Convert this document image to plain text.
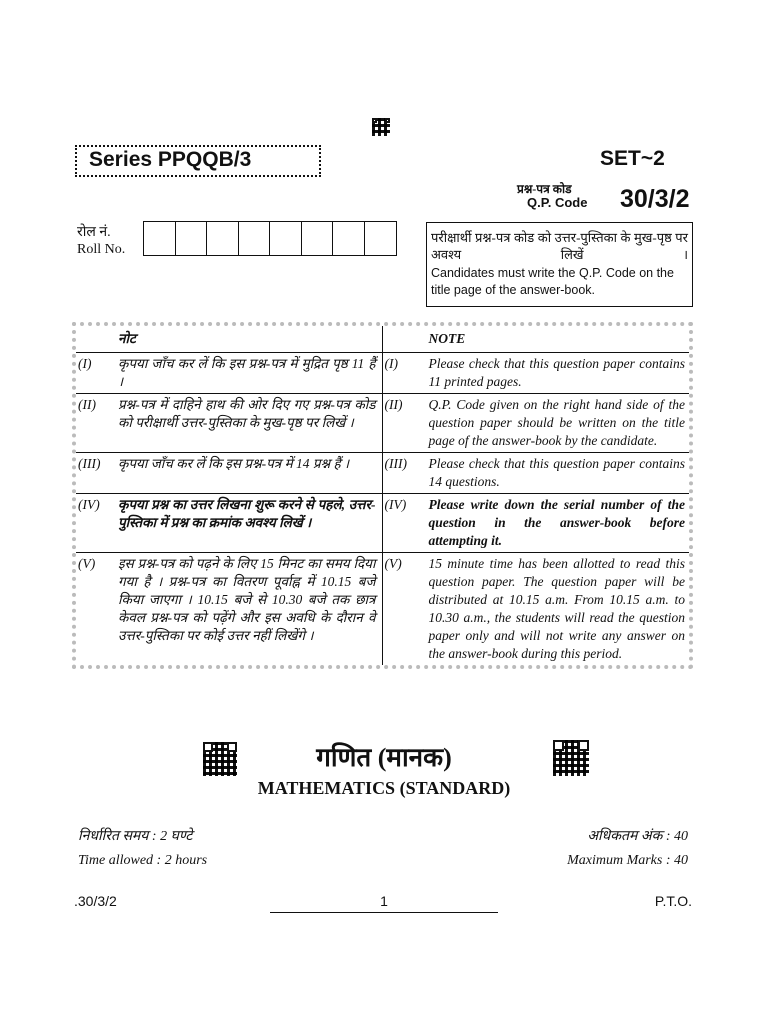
Series PPQQB/3	SET~2
प्रश्न-पत्र कोड
Q.P. Code 30/3/2
रोल नं.
Roll No.
परीक्षार्थी प्रश्न-पत्र कोड को उत्तर-पुस्तिका के मुख-पृष्ठ पर अवश्य लिखें ।
Candidates must write the Q.P. Code on the title page of the answer-book.
नोट	NOTE
(I) कृपया जाँच कर लें कि इस प्रश्न-पत्र में मुद्रित पृष्ठ 11 हैं ।
(I) Please check that this question paper contains 11 printed pages.
(II) प्रश्न-पत्र में दाहिने हाथ की ओर दिए गए प्रश्न-पत्र कोड को परीक्षार्थी उत्तर-पुस्तिका के मुख-पृष्ठ पर लिखें ।
(II) Q.P. Code given on the right hand side of the question paper should be written on the title page of the answer-book by the candidate.
(III) कृपया जाँच कर लें कि इस प्रश्न-पत्र में 14 प्रश्न हैं ।	(III) Please check that this question paper contains 14 questions.
(IV) कृपया प्रश्न का उत्तर लिखना शुरू करने से पहले, उत्तर-पुस्तिका में प्रश्न का क्रमांक अवश्य लिखें ।
(IV) Please write down the serial number of the question in the answer-book before attempting it.
(V) इस प्रश्न-पत्र को पढ़ने के लिए 15 मिनट का समय दिया गया है । प्रश्न-पत्र का वितरण पूर्वाह्न में 10.15 बजे किया जाएगा । 10.15 बजे से 10.30 बजे तक छात्र केवल प्रश्न-पत्र को पढ़ेंगे और इस अवधि के दौरान वे उत्तर-पुस्तिका पर कोई उत्तर नहीं लिखेंगे ।
(V) 15 minute time has been allotted to read this question paper. The question paper will be distributed at 10.15 a.m. From 10.15 a.m. to 10.30 a.m., the students will read the question paper only and will not write any answer on the answer-book during this period.
गणित (मानक)
MATHEMATICS (STANDARD)
निर्धारित समय : 2 घण्टे
Time allowed : 2 hours
अधिकतम अंक : 40
Maximum Marks : 40
.30/3/2	1	P.T.O.
